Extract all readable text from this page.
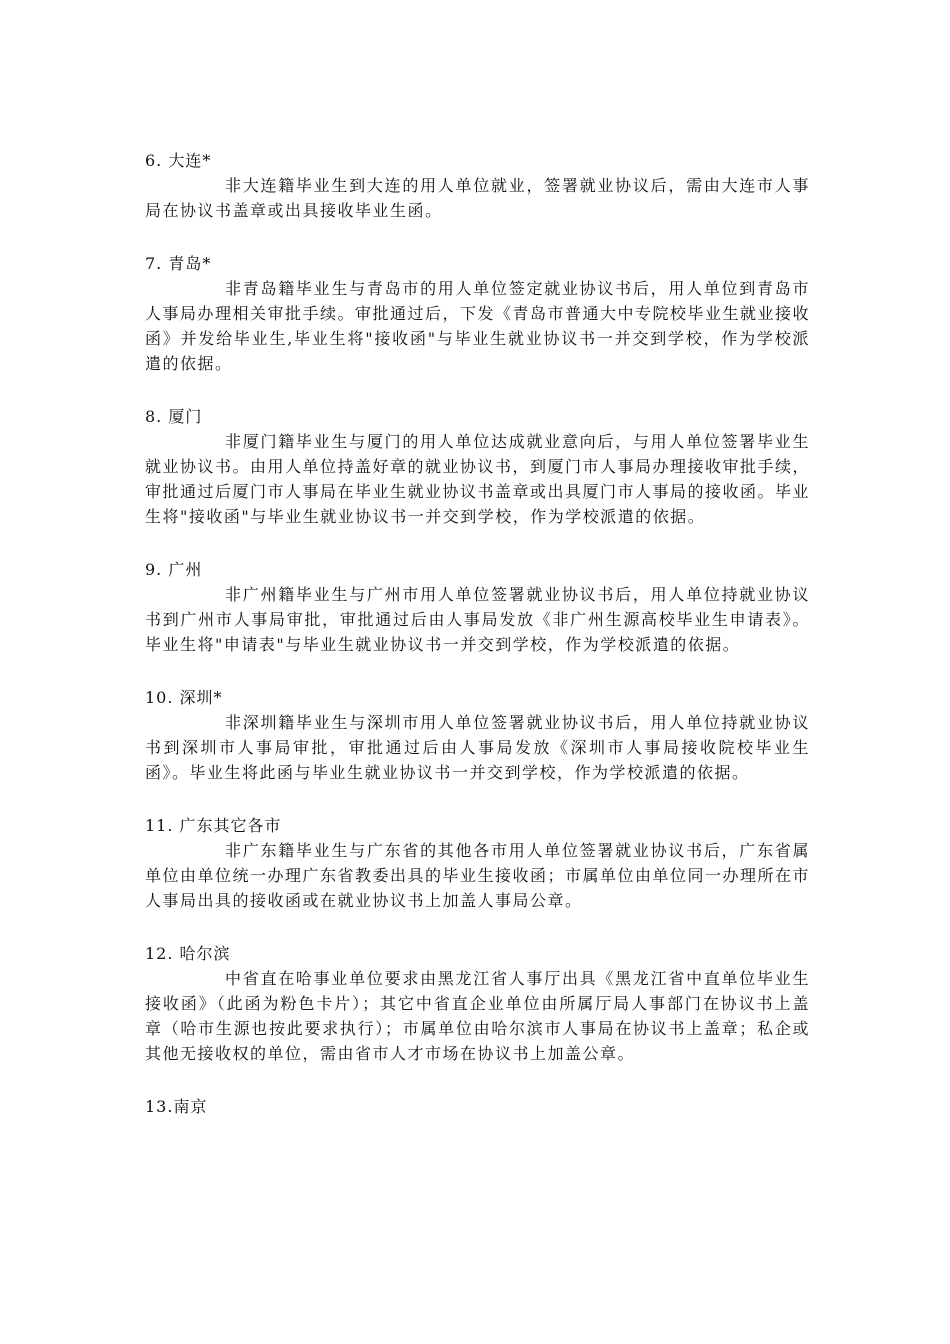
6. 大连*
非大连籍毕业生到大连的用人单位就业，签署就业协议后，需由大连市人事局在协议书盖章或出具接收毕业生函。
7. 青岛*
非青岛籍毕业生与青岛市的用人单位签定就业协议书后，用人单位到青岛市人事局办理相关审批手续。审批通过后，下发《青岛市普通大中专院校毕业生就业接收函》并发给毕业生,毕业生将"接收函"与毕业生就业协议书一并交到学校，作为学校派遣的依据。
8. 厦门
非厦门籍毕业生与厦门的用人单位达成就业意向后，与用人单位签署毕业生就业协议书。由用人单位持盖好章的就业协议书，到厦门市人事局办理接收审批手续，审批通过后厦门市人事局在毕业生就业协议书盖章或出具厦门市人事局的接收函。毕业生将"接收函"与毕业生就业协议书一并交到学校，作为学校派遣的依据。
9. 广州
非广州籍毕业生与广州市用人单位签署就业协议书后，用人单位持就业协议书到广州市人事局审批，审批通过后由人事局发放《非广州生源高校毕业生申请表》。毕业生将"申请表"与毕业生就业协议书一并交到学校，作为学校派遣的依据。
10. 深圳*
非深圳籍毕业生与深圳市用人单位签署就业协议书后，用人单位持就业协议书到深圳市人事局审批，审批通过后由人事局发放《深圳市人事局接收院校毕业生函》。毕业生将此函与毕业生就业协议书一并交到学校，作为学校派遣的依据。
11. 广东其它各市
非广东籍毕业生与广东省的其他各市用人单位签署就业协议书后，广东省属单位由单位统一办理广东省教委出具的毕业生接收函；市属单位由单位同一办理所在市人事局出具的接收函或在就业协议书上加盖人事局公章。
12. 哈尔滨
中省直在哈事业单位要求由黑龙江省人事厅出具《黑龙江省中直单位毕业生接收函》（此函为粉色卡片）；其它中省直企业单位由所属厅局人事部门在协议书上盖章（哈市生源也按此要求执行）；市属单位由哈尔滨市人事局在协议书上盖章；私企或其他无接收权的单位，需由省市人才市场在协议书上加盖公章。
13.南京
